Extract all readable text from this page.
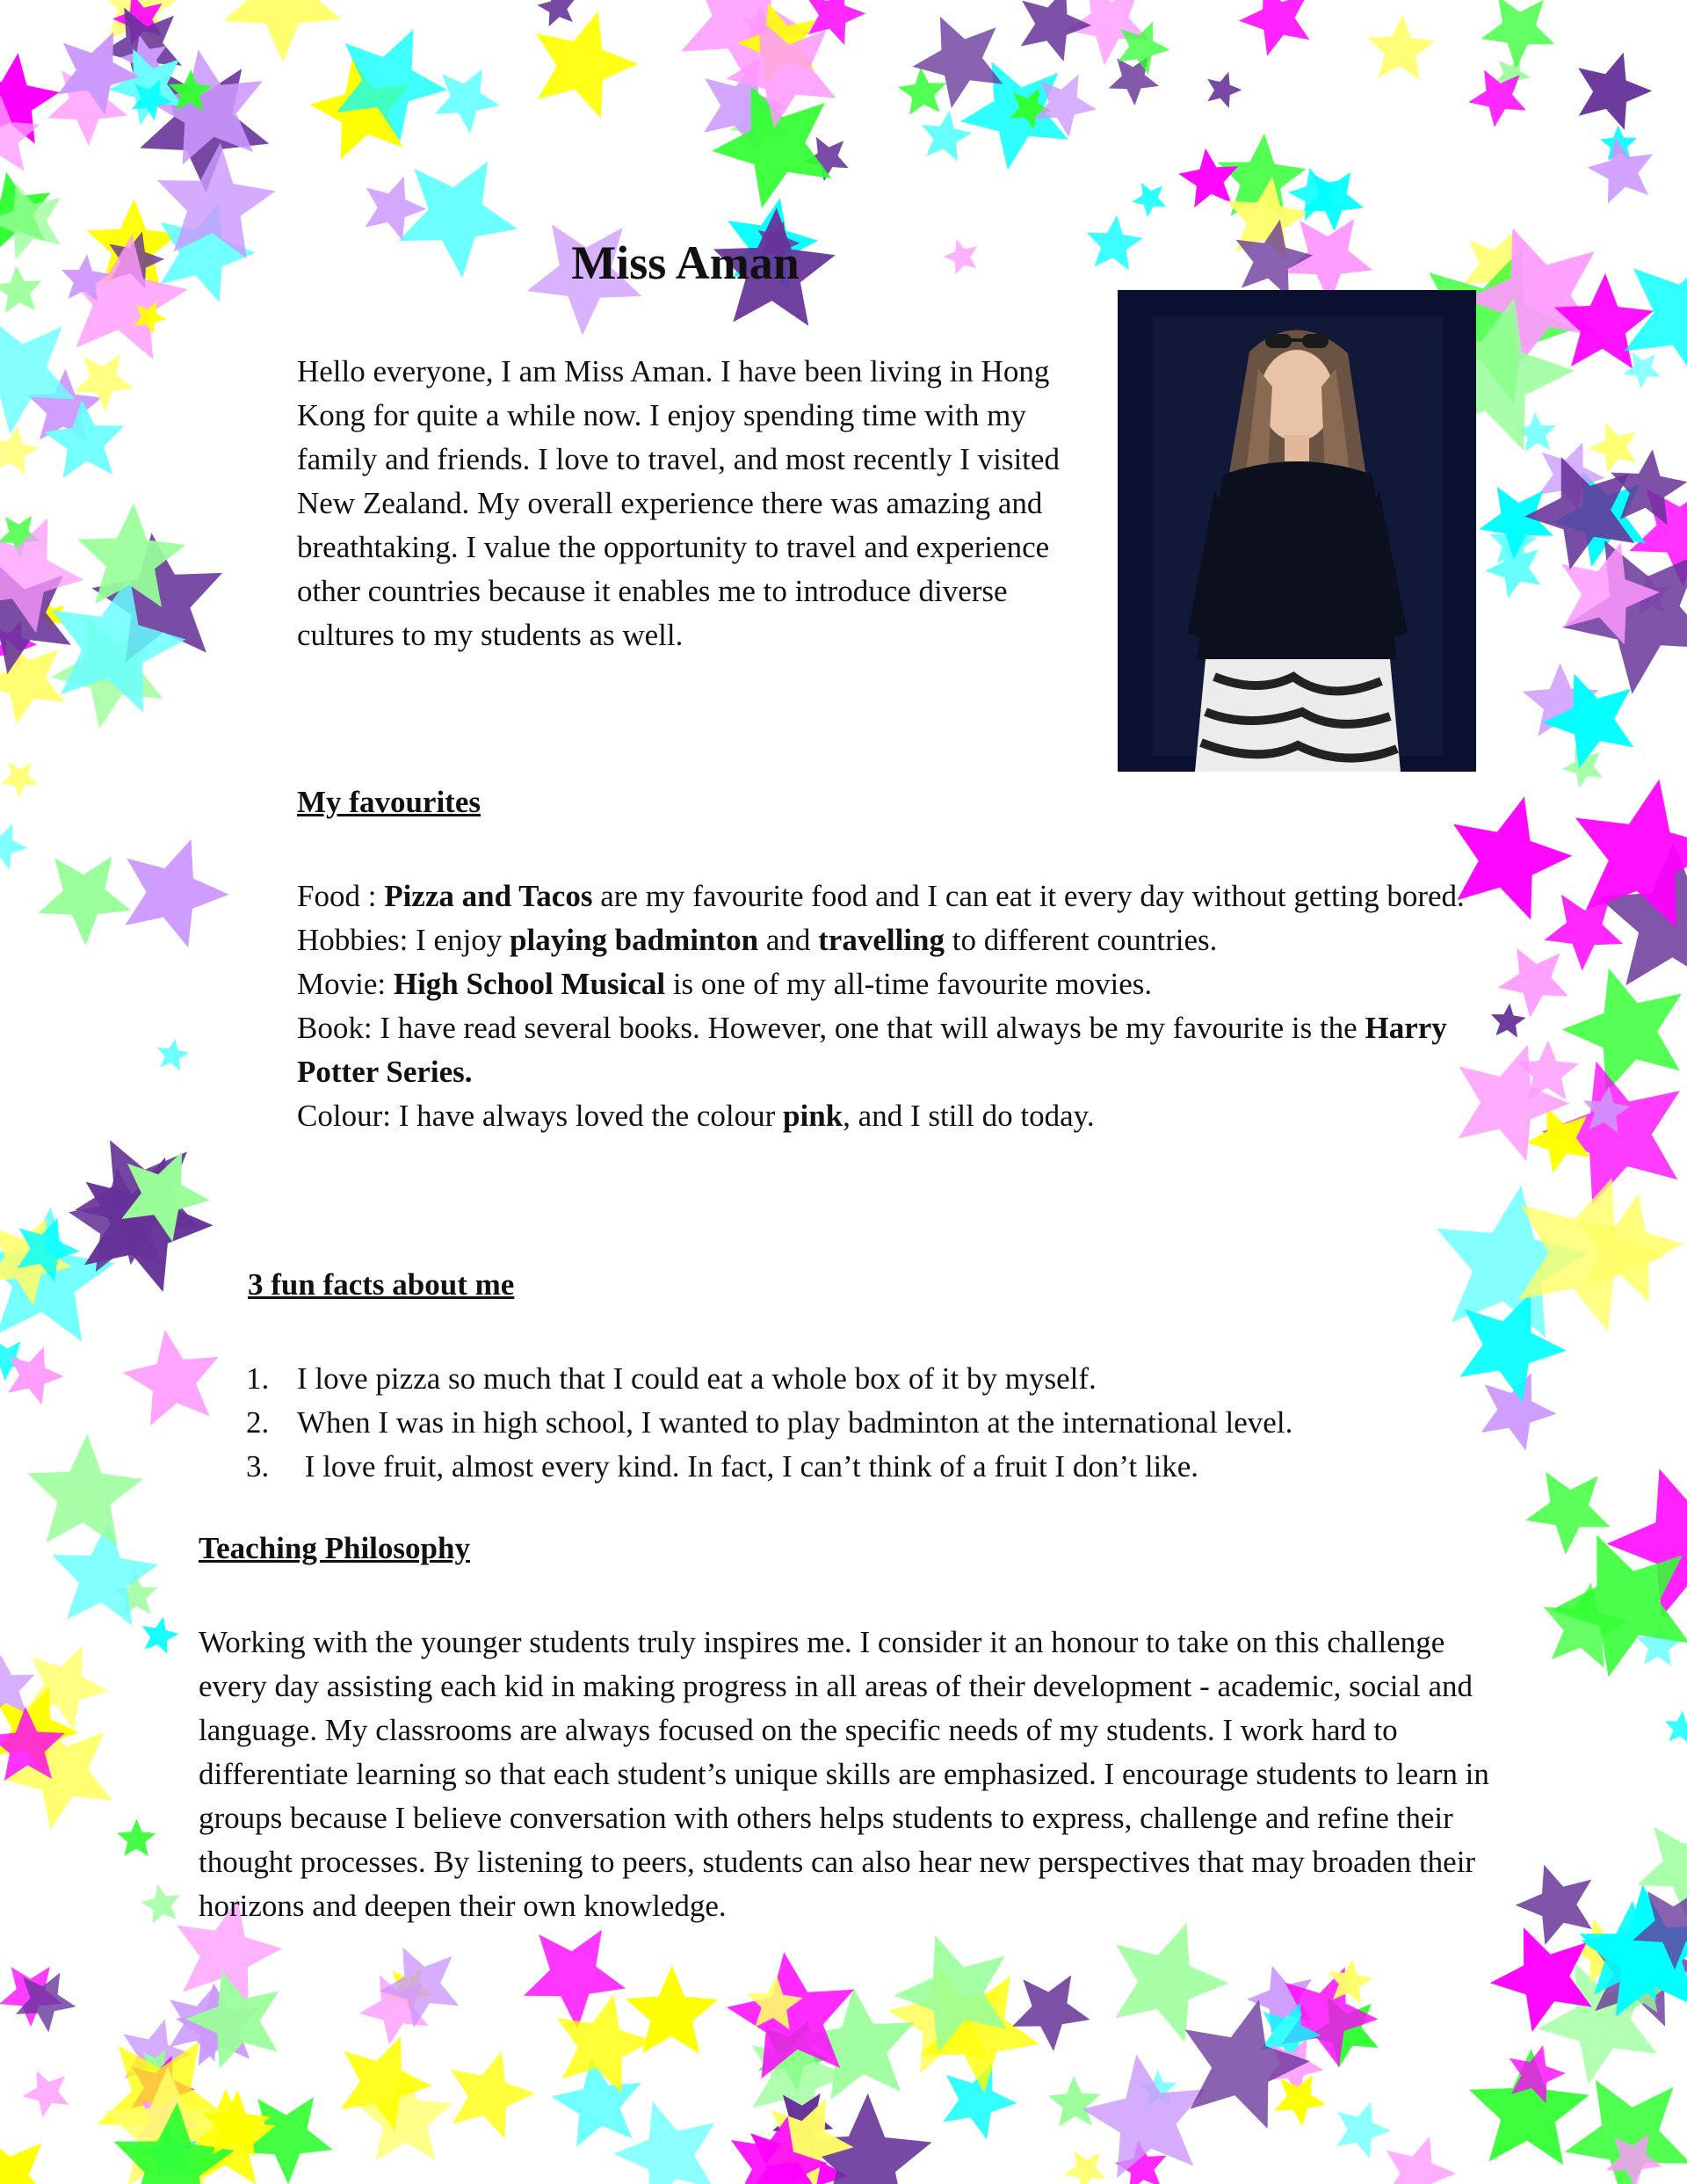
Miss Aman

Hello everyone, I am Miss Aman. I have been living in Hong Kong for quite a while now. I enjoy spending time with my family and friends. I love to travel, and most recently I visited New Zealand. My overall experience there was amazing and breathtaking. I value the opportunity to travel and experience other countries because it enables me to introduce diverse cultures to my students as well.

My favourites

Food : Pizza and Tacos are my favourite food and I can eat it every day without getting bored.

Hobbies: I enjoy playing badminton and travelling to different countries.

Movie: High School Musical is one of my all-time favourite movies.

Book: I have read several books. However, one that will always be my favourite is the Harry Potter Series.

Colour: I have always loved the colour pink, and I still do today.

3 fun facts about me

1. I love pizza so much that I could eat a whole box of it by myself.
2. When I was in high school, I wanted to play badminton at the international level.
3. I love fruit, almost every kind. In fact, I can’t think of a fruit I don’t like.

Teaching Philosophy

Working with the younger students truly inspires me. I consider it an honour to take on this challenge every day assisting each kid in making progress in all areas of their development - academic, social and language. My classrooms are always focused on the specific needs of my students. I work hard to differentiate learning so that each student’s unique skills are emphasized. I encourage students to learn in groups because I believe conversation with others helps students to express, challenge and refine their thought processes. By listening to peers, students can also hear new perspectives that may broaden their horizons and deepen their own knowledge.
